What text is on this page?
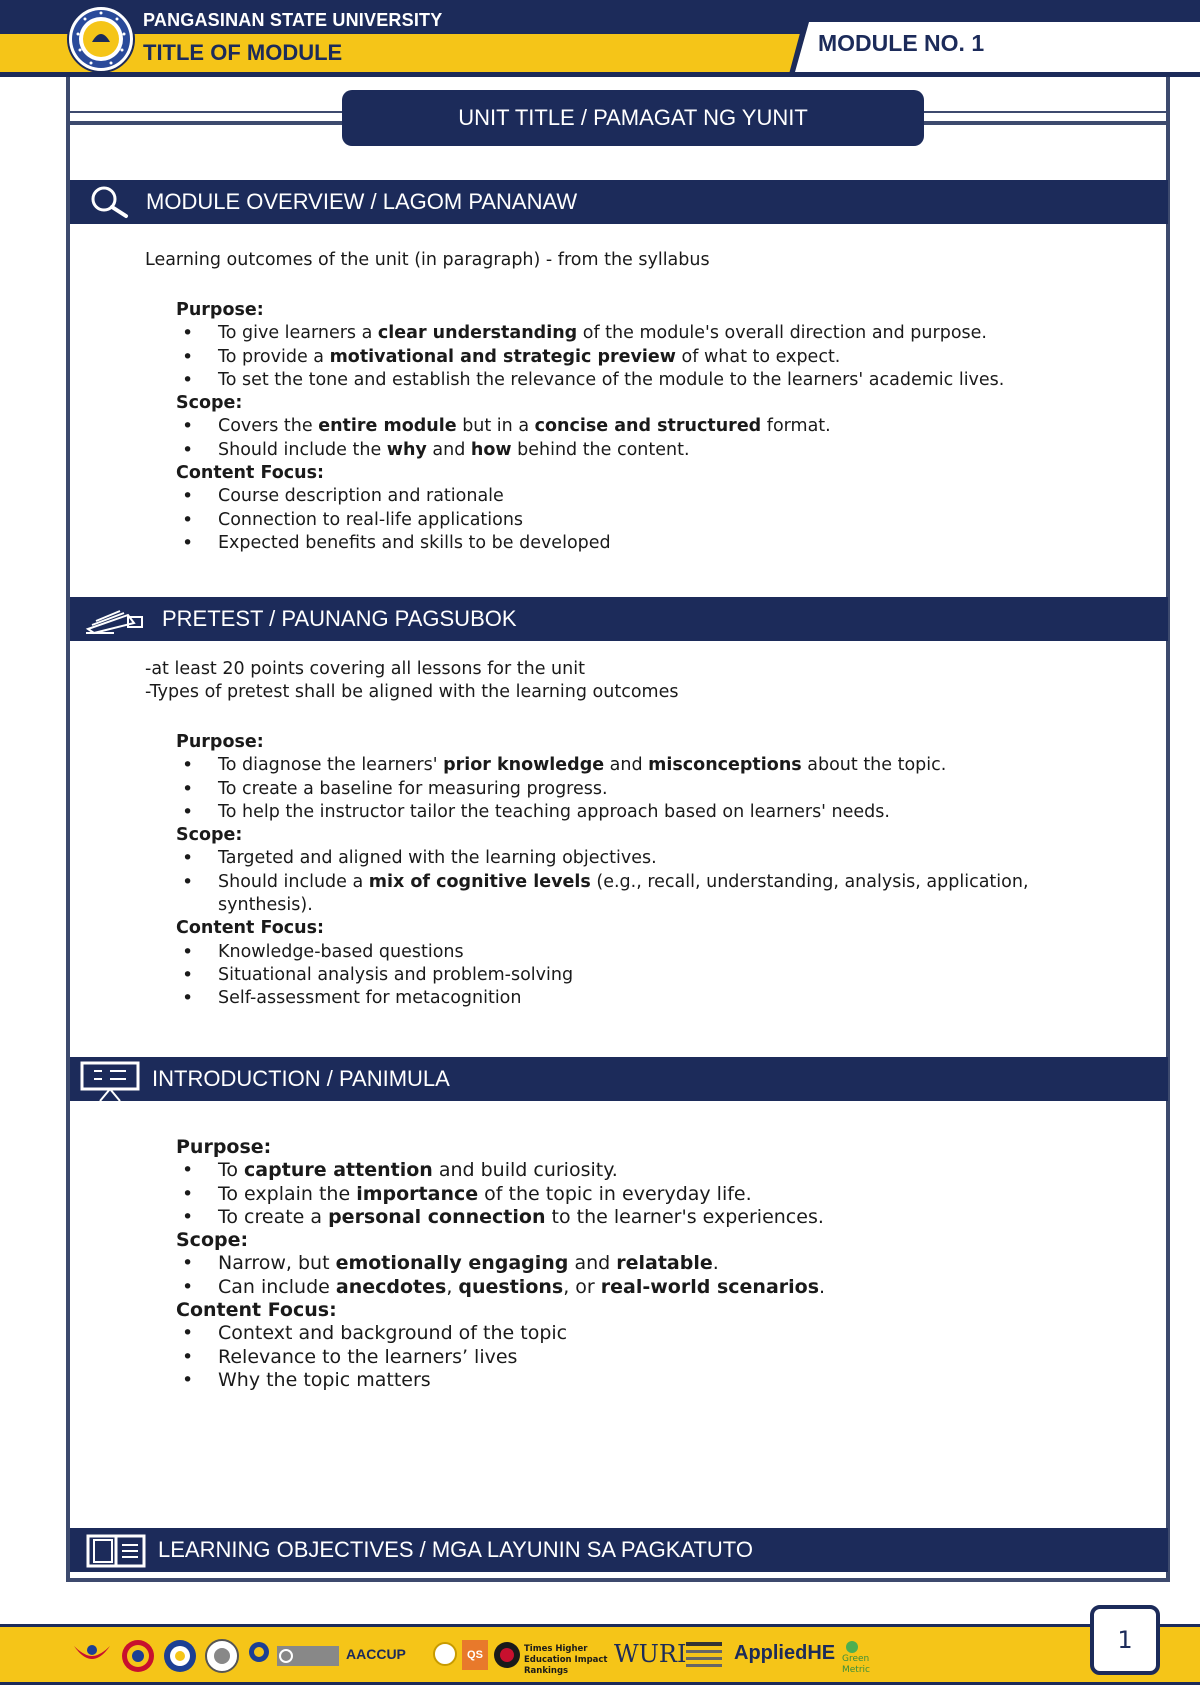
MODULE NO. 1
PANGASINAN STATE UNIVERSITY
TITLE OF MODULE
UNIT TITLE / PAMAGAT NG YUNIT
MODULE OVERVIEW / LAGOM PANANAW
Learning outcomes of the unit (in paragraph) - from the syllabus
Purpose:
• To give learners a clear understanding of the module's overall direction and purpose.
• To provide a motivational and strategic preview of what to expect.
• To set the tone and establish the relevance of the module to the learners' academic lives.
Scope:
• Covers the entire module but in a concise and structured format.
• Should include the why and how behind the content.
Content Focus:
• Course description and rationale
• Connection to real-life applications
• Expected benefits and skills to be developed
PRETEST / PAUNANG PAGSUBOK
-at least 20 points covering all lessons for the unit
-Types of pretest shall be aligned with the learning outcomes
Purpose:
• To diagnose the learners' prior knowledge and misconceptions about the topic.
• To create a baseline for measuring progress.
• To help the instructor tailor the teaching approach based on learners' needs.
Scope:
• Targeted and aligned with the learning objectives.
• Should include a mix of cognitive levels (e.g., recall, understanding, analysis, application,
synthesis).
Content Focus:
• Knowledge-based questions
• Situational analysis and problem-solving
• Self-assessment for metacognition
INTRODUCTION / PANIMULA
Purpose:
• To capture attention and build curiosity.
• To explain the importance of the topic in everyday life.
• To create a personal connection to the learner's experiences.
Scope:
• Narrow, but emotionally engaging and relatable.
• Can include anecdotes, questions, or real-world scenarios.
Content Focus:
• Context and background of the topic
• Relevance to the learners’ lives
• Why the topic matters
LEARNING OBJECTIVES / MGA LAYUNIN SA PAGKATUTO
AACCUP	QS	Times Higher Education Impact Rankings
WURI AppliedHE Green Metric
1
